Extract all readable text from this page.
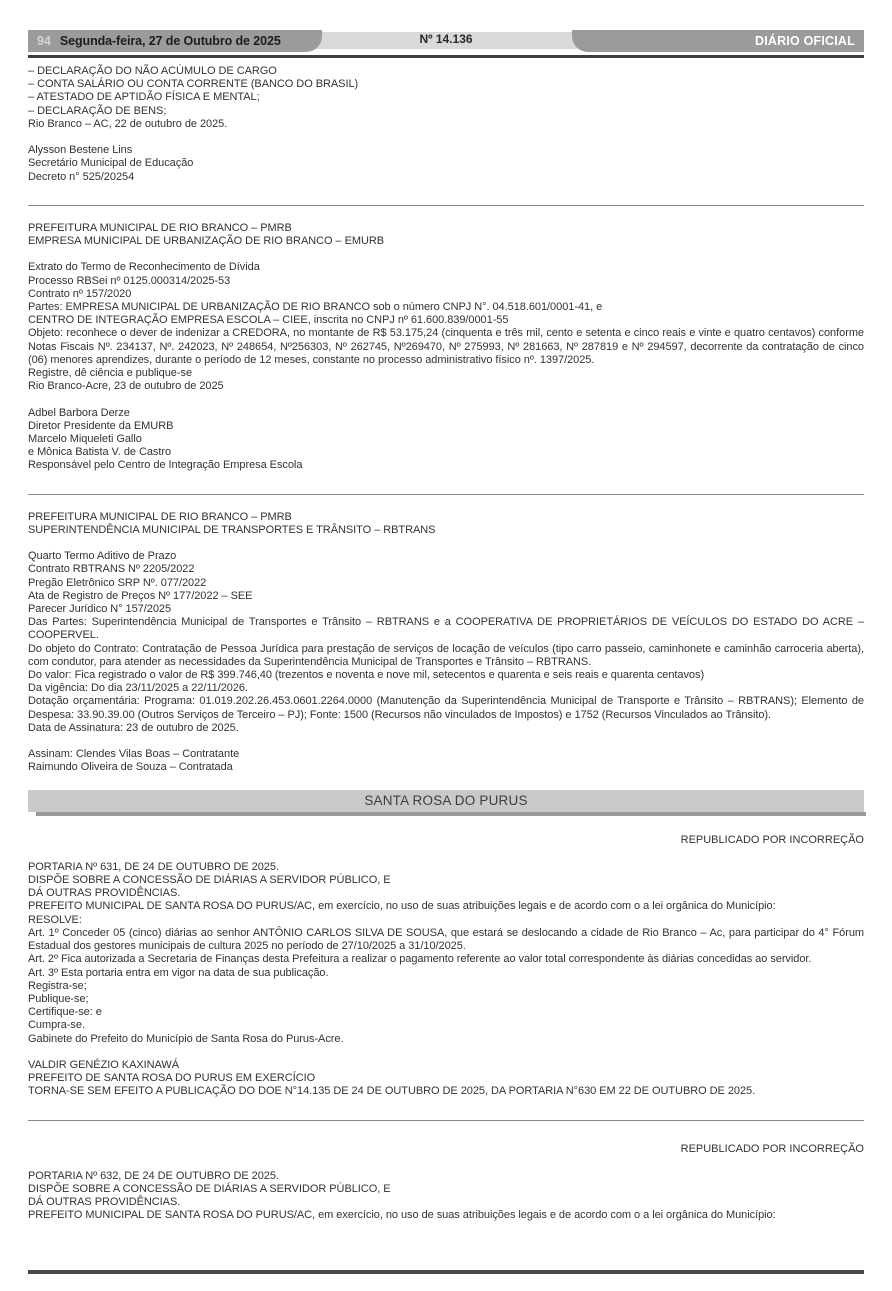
Nº 14.136
94 Segunda-feira, 27 de Outubro de 2025	DIÁRIO OFICIAL
– DECLARAÇÃO DO NÃO ACÚMULO DE CARGO
– CONTA SALÁRIO OU CONTA CORRENTE (BANCO DO BRASIL)
– ATESTADO DE APTIDÃO FÍSICA E MENTAL;
– DECLARAÇÃO DE BENS;
Rio Branco – AC, 22 de outubro de 2025.
Alysson Bestene Lins
Secretário Municipal de Educação
Decreto n° 525/20254
PREFEITURA MUNICIPAL DE RIO BRANCO – PMRB
EMPRESA MUNICIPAL DE URBANIZAÇÃO DE RIO BRANCO – EMURB
Extrato do Termo de Reconhecimento de Dívida
Processo RBSei nº 0125.000314/2025-53
Contrato nº 157/2020
Partes: EMPRESA MUNICIPAL DE URBANIZAÇÃO DE RIO BRANCO sob o número CNPJ N°. 04.518.601/0001-41, e
CENTRO DE INTEGRAÇÃO EMPRESA ESCOLA – CIEE, inscrita no CNPJ nº 61.600.839/0001-55
Objeto: reconhece o dever de indenizar a CREDORA, no montante de R$ 53.175,24 (cinquenta e três mil, cento e setenta e cinco reais e vinte e quatro centavos) conforme Notas Fiscais Nº. 234137, Nº. 242023, Nº 248654, Nº256303, Nº 262745, Nº269470, Nº 275993, Nº 281663, Nº 287819 e Nº 294597, decorrente da contratação de cinco (06) menores aprendizes, durante o período de 12 meses, constante no processo administrativo físico nº. 1397/2025.
Registre, dê ciência e publique-se
Rio Branco-Acre, 23 de outubro de 2025
Adbel Barbora Derze
Diretor Presidente da EMURB
Marcelo Miqueleti Gallo
e Mônica Batista V. de Castro
Responsável pelo Centro de Integração Empresa Escola
PREFEITURA MUNICIPAL DE RIO BRANCO – PMRB
SUPERINTENDÊNCIA MUNICIPAL DE TRANSPORTES E TRÂNSITO – RBTRANS
Quarto Termo Aditivo de Prazo
Contrato RBTRANS Nº 2205/2022
Pregão Eletrônico SRP Nº. 077/2022
Ata de Registro de Preços Nº 177/2022 – SEE
Parecer Jurídico N° 157/2025
Das Partes: Superintendência Municipal de Transportes e Trânsito – RBTRANS e a COOPERATIVA DE PROPRIETÁRIOS DE VEÍCULOS DO ESTADO DO ACRE – COOPERVEL.
Do objeto do Contrato: Contratação de Pessoa Jurídica para prestação de serviços de locação de veículos (tipo carro passeio, caminhonete e caminhão carroceria aberta), com condutor, para atender as necessidades da Superintendência Municipal de Transportes e Trânsito – RBTRANS.
Do valor: Fica registrado o valor de R$ 399.746,40 (trezentos e noventa e nove mil, setecentos e quarenta e seis reais e quarenta centavos)
Da vigência: Do dia 23/11/2025 a 22/11/2026.
Dotação orçamentária: Programa: 01.019.202.26.453.0601.2264.0000 (Manutenção da Superintendência Municipal de Transporte e Trânsito – RBTRANS); Elemento de Despesa: 33.90.39.00 (Outros Serviços de Terceiro – PJ); Fonte: 1500 (Recursos não vinculados de Impostos) e 1752 (Recursos Vinculados ao Trânsito).
Data de Assinatura: 23 de outubro de 2025.
Assinam: Clendes Vilas Boas – Contratante
Raimundo Oliveira de Souza – Contratada
SANTA ROSA DO PURUS
REPUBLICADO POR INCORREÇÃO
PORTARIA Nº 631, DE 24 DE OUTUBRO DE 2025.
DISPÕE SOBRE A CONCESSÃO DE DIÁRIAS A SERVIDOR PÚBLICO, E
DÁ OUTRAS PROVIDÊNCIAS.
PREFEITO MUNICIPAL DE SANTA ROSA DO PURUS/AC, em exercício, no uso de suas atribuições legais e de acordo com o a lei orgânica do Município:
RESOLVE:
Art. 1º Conceder 05 (cinco) diárias ao senhor ANTÔNIO CARLOS SILVA DE SOUSA, que estará se deslocando a cidade de Rio Branco – Ac, para participar do 4° Fórum Estadual dos gestores municipais de cultura 2025 no período de 27/10/2025 a 31/10/2025.
Art. 2º Fica autorizada a Secretaria de Finanças desta Prefeitura a realizar o pagamento referente ao valor total correspondente às diárias concedidas ao servidor.
Art. 3º Esta portaria entra em vigor na data de sua publicação.
Registra-se;
Publique-se;
Certifique-se: e
Cumpra-se.
Gabinete do Prefeito do Município de Santa Rosa do Purus-Acre.
VALDIR GENÉZIO KAXINAWÁ
PREFEITO DE SANTA ROSA DO PURUS EM EXERCÍCIO
TORNA-SE SEM EFEITO A PUBLICAÇÃO DO DOE N°14.135 DE 24 DE OUTUBRO DE 2025, DA PORTARIA N°630 EM 22 DE OUTUBRO DE 2025.
REPUBLICADO POR INCORREÇÃO
PORTARIA Nº 632, DE 24 DE OUTUBRO DE 2025.
DISPÕE SOBRE A CONCESSÃO DE DIÁRIAS A SERVIDOR PÚBLICO, E
DÁ OUTRAS PROVIDÊNCIAS.
PREFEITO MUNICIPAL DE SANTA ROSA DO PURUS/AC, em exercício, no uso de suas atribuições legais e de acordo com o a lei orgânica do Município:
